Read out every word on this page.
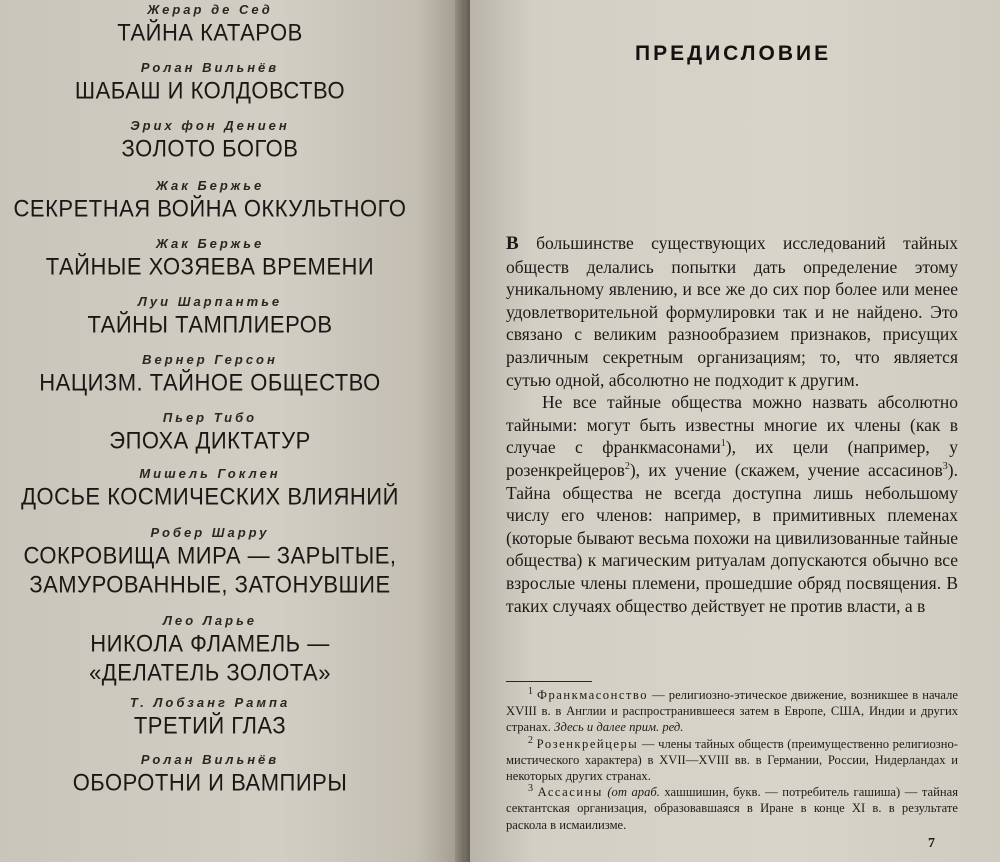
Жерар де Сед
ТАЙНА КАТАРОВ
Ролан Вильнёв
ШАБАШ И КОЛДОВСТВО
Эрих фон Дениен
ЗОЛОТО БОГОВ
Жак Бержье
СЕКРЕТНАЯ ВОЙНА ОККУЛЬТНОГО
Жак Бержье
ТАЙНЫЕ ХОЗЯЕВА ВРЕМЕНИ
Луи Шарпантье
ТАЙНЫ ТАМПЛИЕРОВ
Вернер Герсон
НАЦИЗМ. ТАЙНОЕ ОБЩЕСТВО
Пьер Тибо
ЭПОХА ДИКТАТУР
Мишель Гоклен
ДОСЬЕ КОСМИЧЕСКИХ ВЛИЯНИЙ
Робер Шарру
СОКРОВИЩА МИРА — ЗАРЫТЫЕ,
ЗАМУРОВАННЫЕ, ЗАТОНУВШИЕ
Лео Ларье
НИКОЛА ФЛАМЕЛЬ —
«ДЕЛАТЕЛЬ ЗОЛОТА»
Т. Лобзанг Рампа
ТРЕТИЙ ГЛАЗ
Ролан Вильнёв
ОБОРОТНИ И ВАМПИРЫ
ПРЕДИСЛОВИЕ

В большинстве существующих исследований тайных обществ делались попытки дать определение этому уникальному явлению, и все же до сих пор более или менее удовлетворительной формулировки так и не найдено. Это связано с великим разнообразием признаков, присущих различным секретным организациям; то, что является сутью одной, абсолютно не подходит к другим.

Не все тайные общества можно назвать абсолютно тайными: могут быть известны многие их члены (как в случае с франкмасонами$^1$), их цели (например, у розенкрейцеров$^2$), их учение (скажем, учение ассасинов$^3$). Тайна общества не всегда доступна лишь небольшому числу его членов: например, в примитивных племенах (которые бывают весьма похожи на цивилизованные тайные общества) к магическим ритуалам допускаются обычно все взрослые члены племени, прошедшие обряд посвящения. В таких случаях общество действует не против власти, а в

$^1$ Франкмасонство — религиозно-этическое движение, возникшее в начале XVIII в. в Англии и распространившееся затем в Европе, США, Индии и других странах. Здесь и далее прим. ред.

$^2$ Розенкрейцеры — члены тайных обществ (преимущественно религиозно-мистического характера) в XVII—XVIII вв. в Германии, России, Нидерландах и некоторых других странах.

$^3$ Ассасины (от араб. хашшишин, букв. — потребитель гашиша) — тайная сектантская организация, образовавшаяся в Иране в конце XI в. в результате раскола в исмаилизме.

7
